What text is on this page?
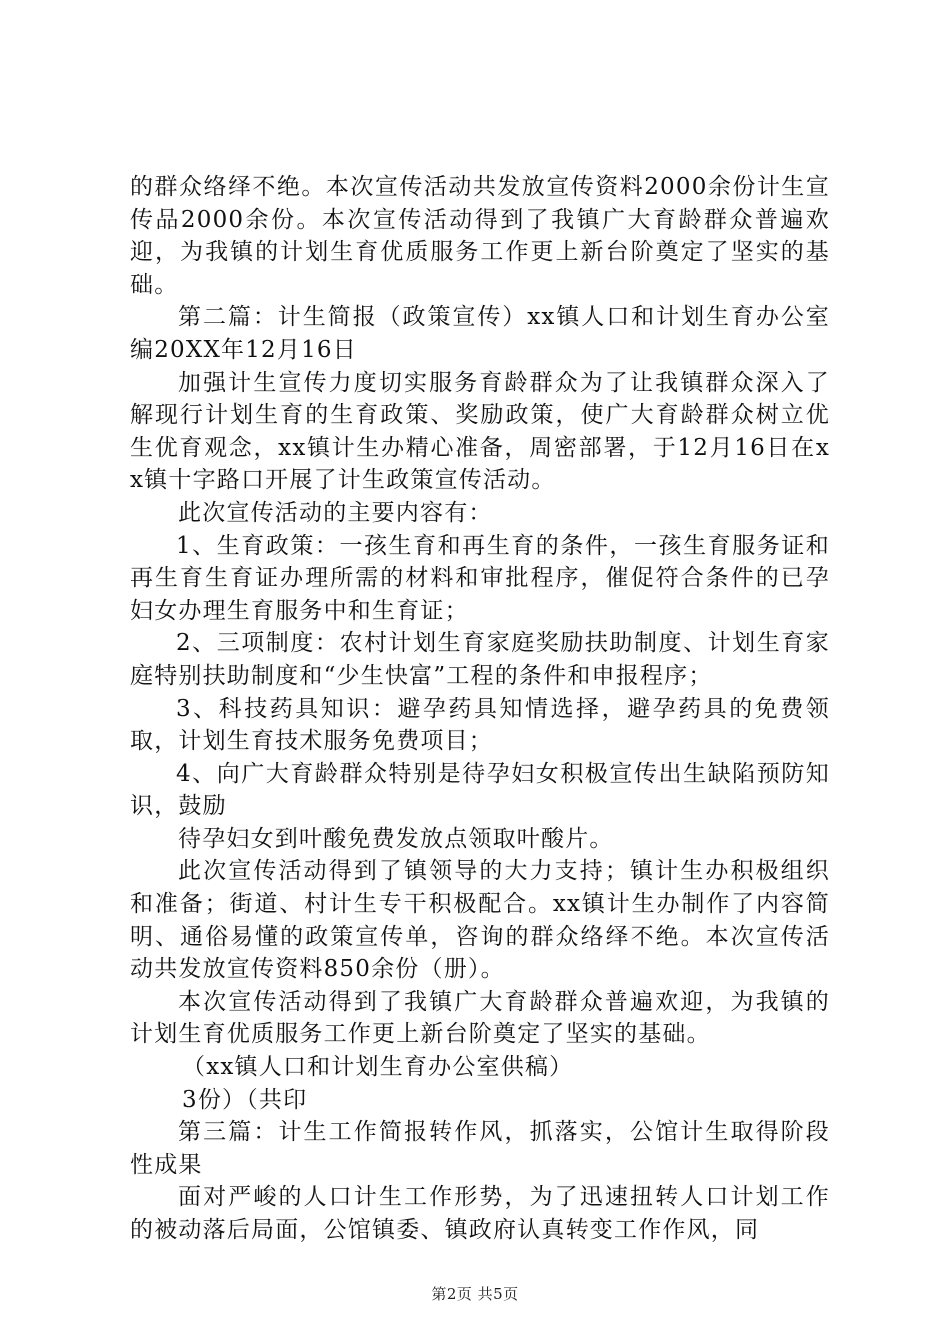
的群众络绎不绝。本次宣传活动共发放宣传资料2000余份计生宣传品2000余份。本次宣传活动得到了我镇广大育龄群众普遍欢迎，为我镇的计划生育优质服务工作更上新台阶奠定了坚实的基础。

第二篇：计生简报（政策宣传）xx镇人口和计划生育办公室编20XX年12月16日

加强计生宣传力度切实服务育龄群众为了让我镇群众深入了解现行计划生育的生育政策、奖励政策，使广大育龄群众树立优生优育观念，xx镇计生办精心准备，周密部署，于12月16日在xx镇十字路口开展了计生政策宣传活动。

此次宣传活动的主要内容有：

1、生育政策：一孩生育和再生育的条件，一孩生育服务证和再生育生育证办理所需的材料和审批程序，催促符合条件的已孕妇女办理生育服务中和生育证；

2、三项制度：农村计划生育家庭奖励扶助制度、计划生育家庭特别扶助制度和“少生快富”工程的条件和申报程序；

3、科技药具知识：避孕药具知情选择，避孕药具的免费领取，计划生育技术服务免费项目；

4、向广大育龄群众特别是待孕妇女积极宣传出生缺陷预防知识，鼓励

待孕妇女到叶酸免费发放点领取叶酸片。

此次宣传活动得到了镇领导的大力支持；镇计生办积极组织和准备；街道、村计生专干积极配合。xx镇计生办制作了内容简明、通俗易懂的政策宣传单，咨询的群众络绎不绝。本次宣传活动共发放宣传资料850余份（册）。

本次宣传活动得到了我镇广大育龄群众普遍欢迎，为我镇的计划生育优质服务工作更上新台阶奠定了坚实的基础。

（xx镇人口和计划生育办公室供稿）

3份）（共印

第三篇：计生工作简报转作风，抓落实，公馆计生取得阶段性成果

面对严峻的人口计生工作形势，为了迅速扭转人口计划工作的被动落后局面，公馆镇委、镇政府认真转变工作作风，同

第2页 共5页
